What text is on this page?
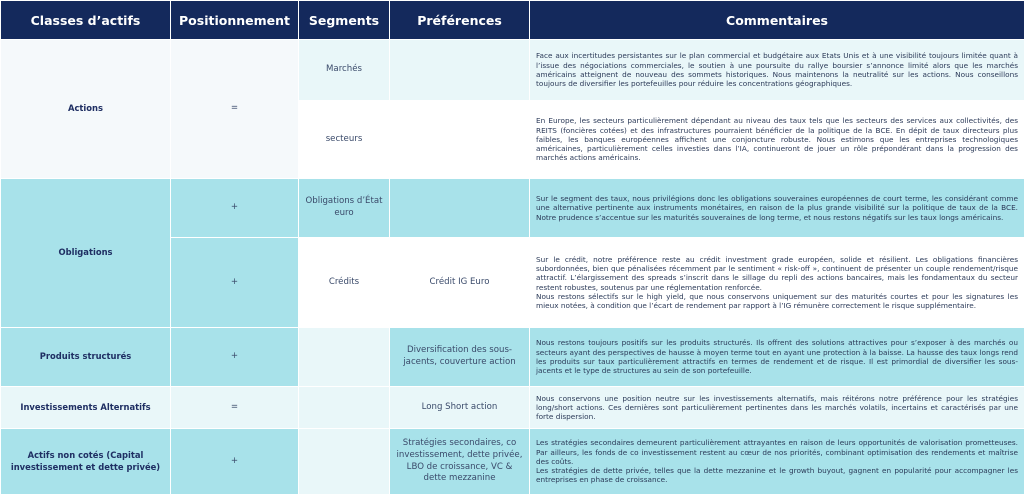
Classes d’actifs	Positionnement	Segments	Préférences	Commentaires
Actions	=	Marchés		Face aux incertitudes persistantes sur le plan commercial et budgétaire aux Etats Unis et à une visibilité toujours limitée quant à l’issue des négociations commerciales, le soutien à une poursuite du rallye boursier s’annonce limité alors que les marchés américains atteignent de nouveau des sommets historiques. Nous maintenons la neutralité sur les actions. Nous conseillons toujours de diversifier les portefeuilles pour réduire les concentrations géographiques.
		secteurs		En Europe, les secteurs particulièrement dépendant au niveau des taux tels que les secteurs des services aux collectivités, des REITS (foncières cotées) et des infrastructures pourraient bénéficier de la politique de la BCE. En dépit de taux directeurs plus faibles, les banques européennes affichent une conjoncture robuste. Nous estimons que les entreprises technologiques américaines, particulièrement celles investies dans l’IA, continueront de jouer un rôle prépondérant dans la progression des marchés actions américains.
Obligations	+	Obligations d’État euro		Sur le segment des taux, nous privilégions donc les obligations souveraines européennes de court terme, les considérant comme une alternative pertinente aux instruments monétaires, en raison de la plus grande visibilité sur la politique de taux de la BCE. Notre prudence s’accentue sur les maturités souveraines de long terme, et nous restons négatifs sur les taux longs américains.
	+	Crédits	Crédit IG Euro	Sur le crédit, notre préférence reste au crédit investment grade européen, solide et résilient. Les obligations financières subordonnées, bien que pénalisées récemment par le sentiment « risk-off », continuent de présenter un couple rendement/risque attractif. L’élargissement des spreads s’inscrit dans le sillage du repli des actions bancaires, mais les fondamentaux du secteur restent robustes, soutenus par une réglementation renforcée.

Nous restons sélectifs sur le high yield, que nous conservons uniquement sur des maturités courtes et pour les signatures les mieux notées, à condition que l’écart de rendement par rapport à l’IG rémunère correctement le risque supplémentaire.

Produits structurés	+		Diversification des sous-jacents, couverture action	Nous restons toujours positifs sur les produits structurés. Ils offrent des solutions attractives pour s’exposer à des marchés ou secteurs ayant des perspectives de hausse à moyen terme tout en ayant une protection à la baisse. La hausse des taux longs rend les produits sur taux particulièrement attractifs en termes de rendement et de risque. Il est primordial de diversifier les sous-jacents et le type de structures au sein de son portefeuille.
Investissements Alternatifs	=		Long Short action	Nous conservons une position neutre sur les investissements alternatifs, mais réitérons notre préférence pour les stratégies long/short actions. Ces dernières sont particulièrement pertinentes dans les marchés volatils, incertains et caractérisés par une forte dispersion.
Actifs non cotés (Capital investissement et dette privée)	+		Stratégies secondaires, co investissement, dette privée, LBO de croissance, VC & dette mezzanine	Les stratégies secondaires demeurent particulièrement attrayantes en raison de leurs opportunités de valorisation prometteuses. Par ailleurs, les fonds de co investissement restent au cœur de nos priorités, combinant optimisation des rendements et maîtrise des coûts.

Les stratégies de dette privée, telles que la dette mezzanine et le growth buyout, gagnent en popularité pour accompagner les entreprises en phase de croissance.
